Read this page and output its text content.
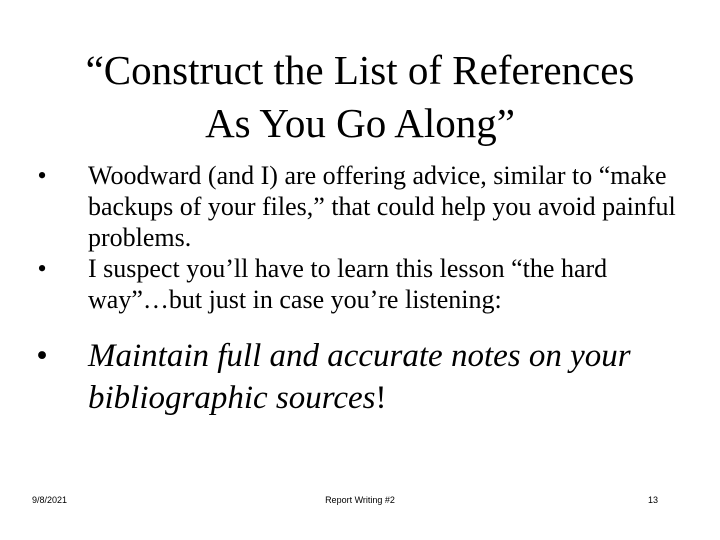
“Construct the List of References
As You Go Along”
• Woodward (and I) are offering advice, similar to “make backups of your files,” that could help you avoid painful problems.
• I suspect you’ll have to learn this lesson “the hard way”…but just in case you’re listening:
• Maintain full and accurate notes on your bibliographic sources!
9/8/2021	Report Writing #2	13
